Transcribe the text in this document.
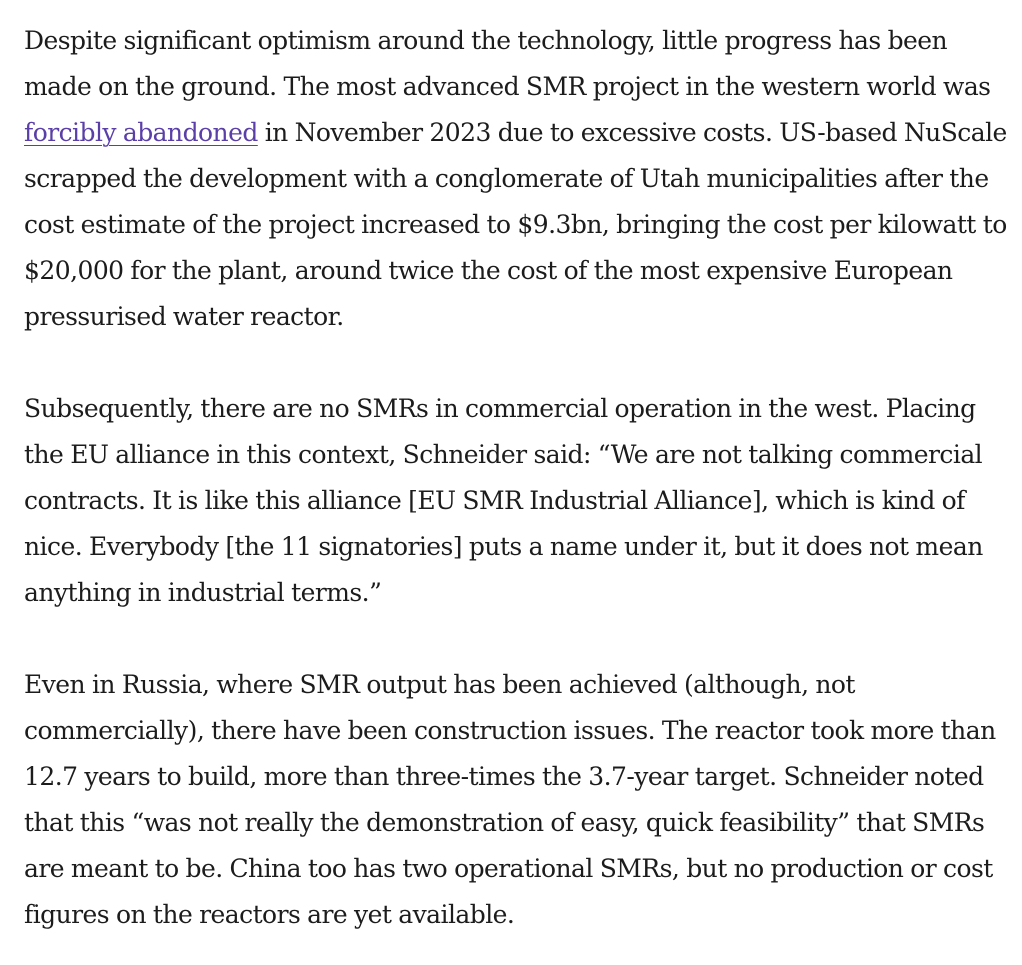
Despite significant optimism around the technology, little progress has been made on the ground. The most advanced SMR project in the western world was forcibly abandoned in November 2023 due to excessive costs. US-based NuScale scrapped the development with a conglomerate of Utah municipalities after the cost estimate of the project increased to $9.3bn, bringing the cost per kilowatt to $20,000 for the plant, around twice the cost of the most expensive European pressurised water reactor.

Subsequently, there are no SMRs in commercial operation in the west. Placing the EU alliance in this context, Schneider said: “We are not talking commercial contracts. It is like this alliance [EU SMR Industrial Alliance], which is kind of nice. Everybody [the 11 signatories] puts a name under it, but it does not mean anything in industrial terms.”

Even in Russia, where SMR output has been achieved (although, not commercially), there have been construction issues. The reactor took more than 12.7 years to build, more than three-times the 3.7-year target. Schneider noted that this “was not really the demonstration of easy, quick feasibility” that SMRs are meant to be. China too has two operational SMRs, but no production or cost figures on the reactors are yet available.
